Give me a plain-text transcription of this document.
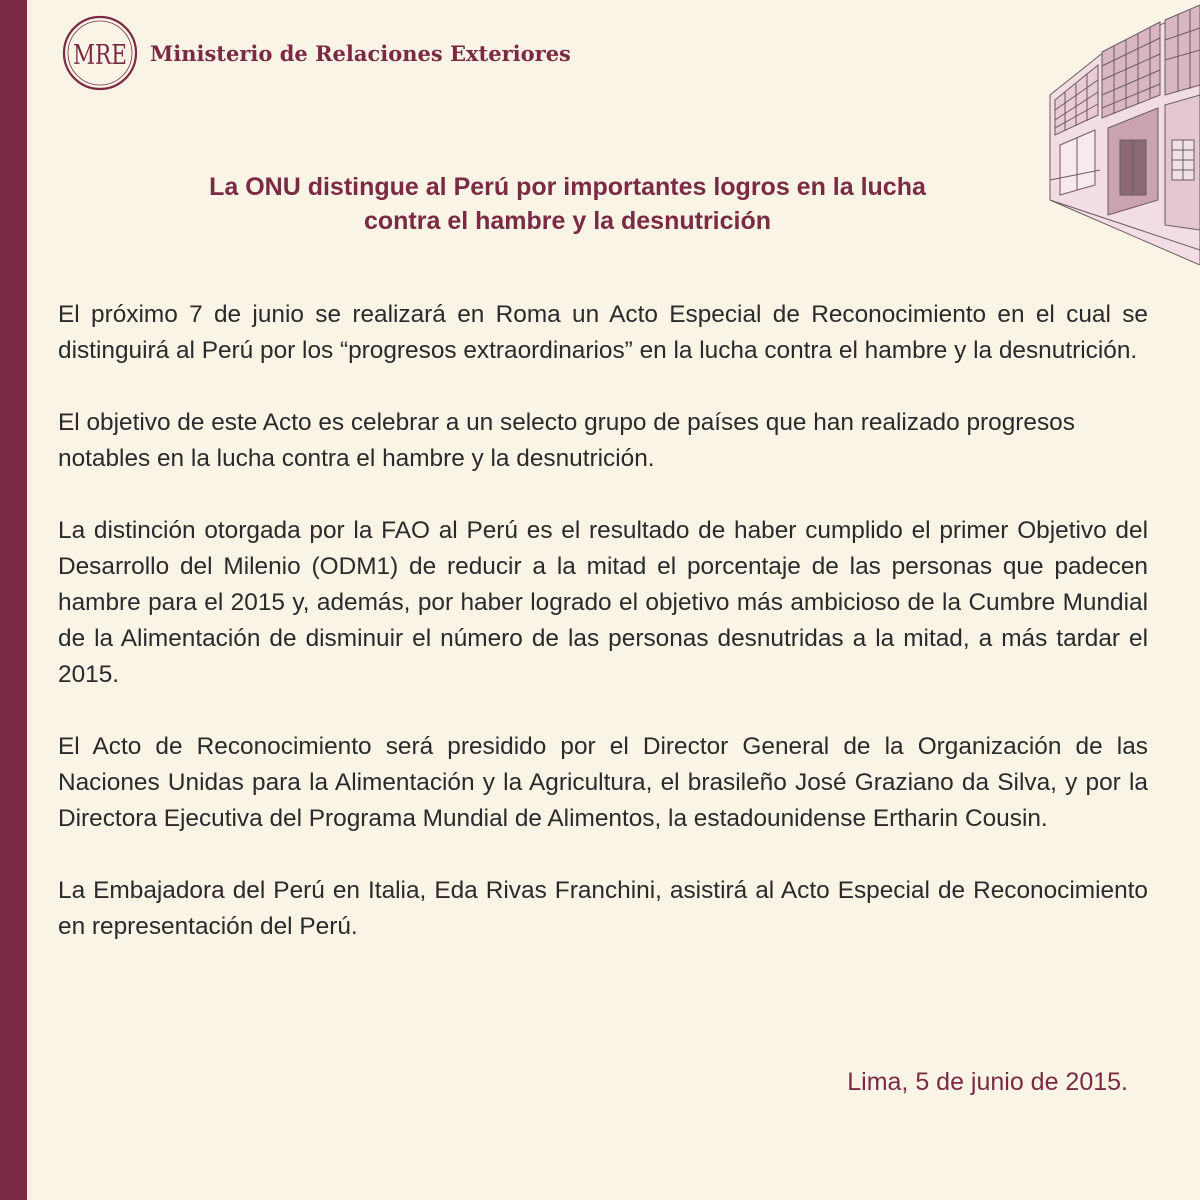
MRE Ministerio de Relaciones Exteriores
La ONU distingue al Perú por importantes logros en la lucha
contra el hambre y la desnutrición

El próximo 7 de junio se realizará en Roma un Acto Especial de Reconocimiento en el cual se distinguirá al Perú por los “progresos extraordinarios” en la lucha contra el hambre y la desnutrición.

El objetivo de este Acto es celebrar a un selecto grupo de países que han realizado progresos notables en la lucha contra el hambre y la desnutrición.

La distinción otorgada por la FAO al Perú es el resultado de haber cumplido el primer Objetivo del Desarrollo del Milenio (ODM1) de reducir a la mitad el porcentaje de las personas que padecen hambre para el 2015 y, además, por haber logrado el objetivo más ambicioso de la Cumbre Mundial de la Alimentación de disminuir el número de las personas desnutridas a la mitad, a más tardar el 2015.

El Acto de Reconocimiento será presidido por el Director General de la Organización de las Naciones Unidas para la Alimentación y la Agricultura, el brasileño José Graziano da Silva, y por la Directora Ejecutiva del Programa Mundial de Alimentos, la estadounidense Ertharin Cousin.

La Embajadora del Perú en Italia, Eda Rivas Franchini, asistirá al Acto Especial de Reconocimiento en representación del Perú.

Lima, 5 de junio de 2015.
